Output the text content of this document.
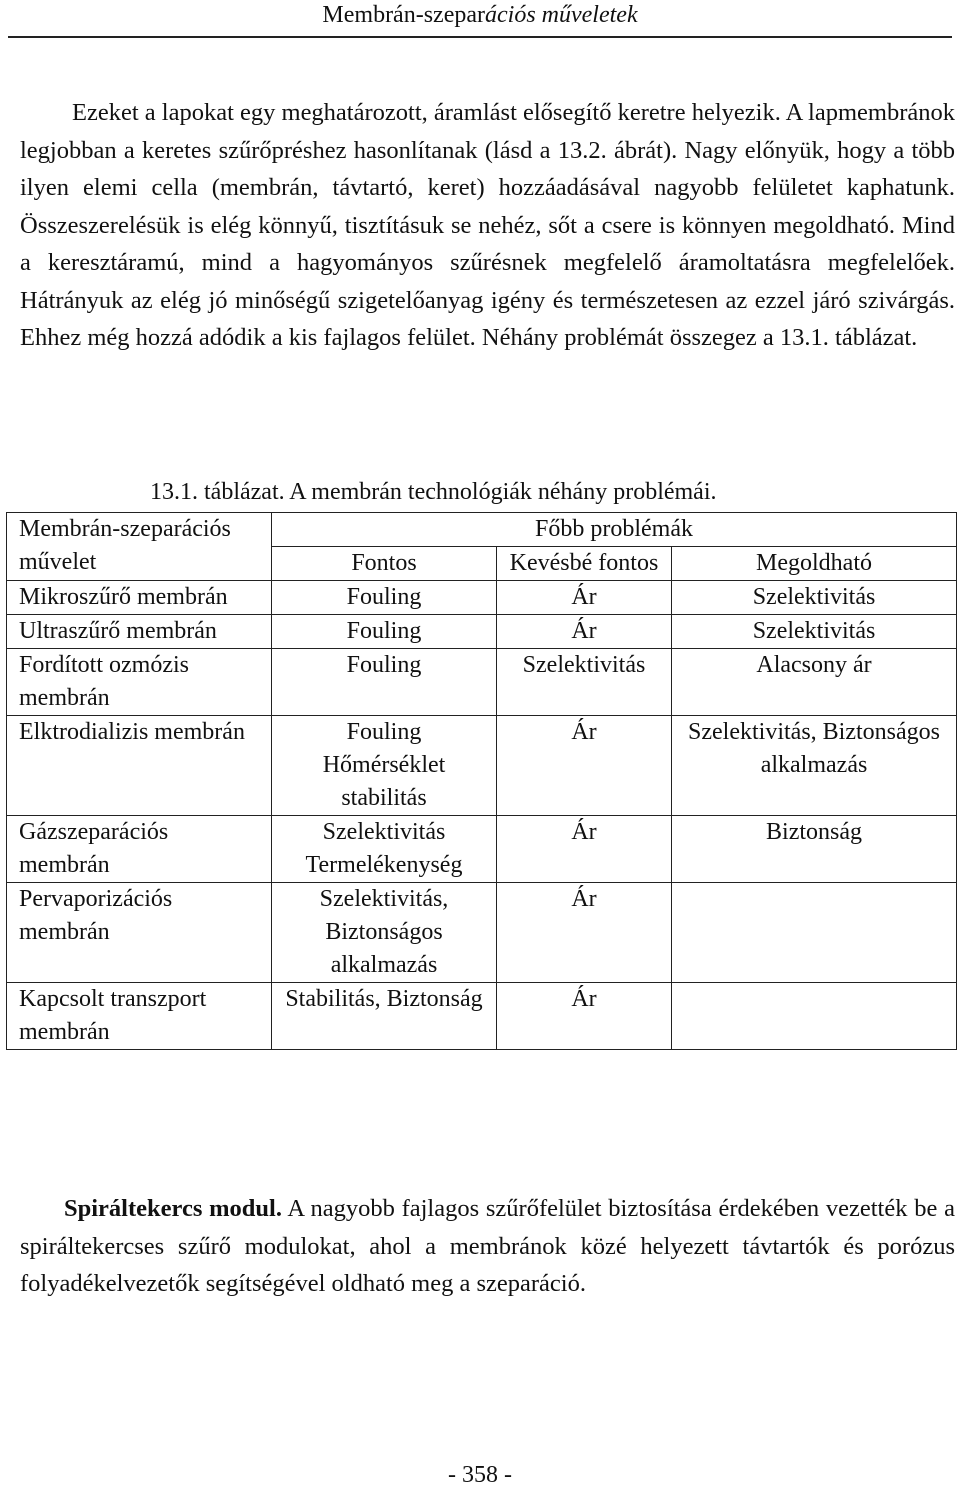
Membrán-szeparációs műveletek

Ezeket a lapokat egy meghatározott, áramlást elősegítő keretre helyezik. A lapmembránok legjobban a keretes szűrőpréshez hasonlítanak (lásd a 13.2. ábrát). Nagy előnyük, hogy a több ilyen elemi cella (membrán, távtartó, keret) hozzáadásával nagyobb felületet kaphatunk. Összeszerelésük is elég könnyű, tisztításuk se nehéz, sőt a csere is könnyen megoldható. Mind a keresztáramú, mind a hagyományos szűrésnek megfelelő áramoltatásra megfelelőek. Hátrányuk az elég jó minőségű szigetelőanyag igény és természetesen az ezzel járó szivárgás. Ehhez még hozzá adódik a kis fajlagos felület. Néhány problémát összegez a 13.1. táblázat.

13.1. táblázat. A membrán technológiák néhány problémái.
Membrán-szeparációs művelet	Főbb problémák		
	Fontos	Kevésbé fontos	Megoldható
Mikroszűrő membrán	Fouling	Ár	Szelektivitás
Ultraszűrő membrán	Fouling	Ár	Szelektivitás
Fordított ozmózis membrán	Fouling	Szelektivitás	Alacsony ár
Elktrodializis membrán	Fouling Hőmérséklet stabilitás	Ár	Szelektivitás, Biztonságos alkalmazás
Gázszeparációs membrán	Szelektivitás Termelékenység	Ár	Biztonság
Pervaporizációs membrán	Szelektivitás, Biztonságos alkalmazás	Ár	
Kapcsolt transzport membrán	Stabilitás, Biztonság	Ár	

Spiráltekercs modul. A nagyobb fajlagos szűrőfelület biztosítása érdekében vezették be a spiráltekercses szűrő modulokat, ahol a membránok közé helyezett távtartók és porózus folyadékelvezetők segítségével oldható meg a szeparáció.

- 358 -
